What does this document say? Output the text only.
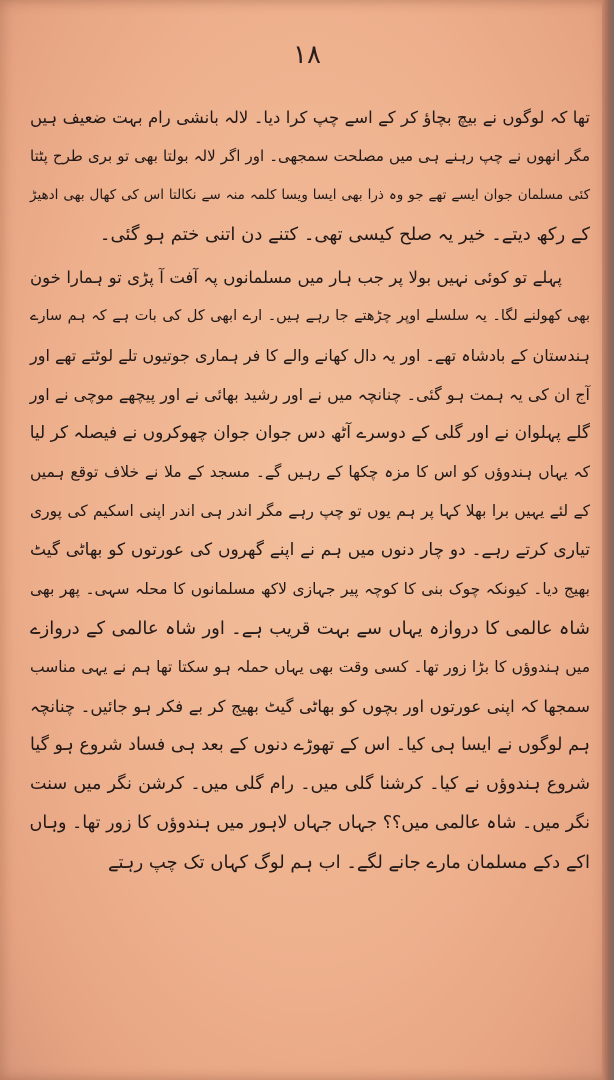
۱۸
تھا کہ لوگوں نے بیچ بچاؤ کر کے اسے چپ کرا دیا۔ لالہ بانشی رام بہت ضعیف ہیں
مگر انھوں نے چپ رہنے ہی میں مصلحت سمجھی۔ اور اگر لالہ بولتا بھی تو بری طرح پٹتا
کئی مسلمان جوان ایسے تھے جو وہ ذرا بھی ایسا ویسا کلمہ منہ سے نکالتا اس کی کھال بھی ادھیڑ
کے رکھ دیتے۔ خیر یہ صلح کیسی تھی۔ کتنے دن اتنی ختم ہو گئی۔
پہلے تو کوئی نہیں بولا پر جب ہار میں مسلمانوں پہ آفت آ پڑی تو ہمارا خون
بھی کھولنے لگا۔ یہ سلسلے اوپر چڑھتے جا رہے ہیں۔ ارے ابھی کل کی بات ہے کہ ہم سارے
ہندستان کے بادشاہ تھے۔ اور یہ دال کھانے والے کا فر ہماری جوتیوں تلے لوٹتے تھے اور
آج ان کی یہ ہمت ہو گئی۔ چنانچہ میں نے اور رشید بھائی نے اور پیچھے موچی نے اور
گلے پہلوان نے اور گلی کے دوسرے آٹھ دس جوان جوان چھوکروں نے فیصلہ کر لیا
کہ یہاں ہندوؤں کو اس کا مزہ چکھا کے رہیں گے۔ مسجد کے ملا نے خلاف توقع ہمیں
کے لئے یہیں برا بھلا کہا پر ہم یوں تو چپ رہے مگر اندر ہی اندر اپنی اسکیم کی پوری
تیاری کرتے رہے۔ دو چار دنوں میں ہم نے اپنے گھروں کی عورتوں کو بھاٹی گیٹ
بھیج دیا۔ کیونکہ چوک بنی کا کوچہ پیر جہازی لاکھ مسلمانوں کا محلہ سہی۔ پھر بھی
شاہ عالمی کا دروازہ یہاں سے بہت قریب ہے۔ اور شاہ عالمی کے دروازے
میں ہندوؤں کا بڑا زور تھا۔ کسی وقت بھی یہاں حملہ ہو سکتا تھا ہم نے یہی مناسب
سمجھا کہ اپنی عورتوں اور بچوں کو بھاٹی گیٹ بھیج کر بے فکر ہو جائیں۔ چنانچہ
ہم لوگوں نے ایسا ہی کیا۔ اس کے تھوڑے دنوں کے بعد ہی فساد شروع ہو گیا
شروع ہندوؤں نے کیا۔ کرشنا گلی میں۔ رام گلی میں۔ کرشن نگر میں سنت
نگر میں۔ شاہ عالمی میں؟؟ جہاں جہاں لاہور میں ہندوؤں کا زور تھا۔ وہاں
اکے دکے مسلمان مارے جانے لگے۔ اب ہم لوگ کہاں تک چپ رہتے
